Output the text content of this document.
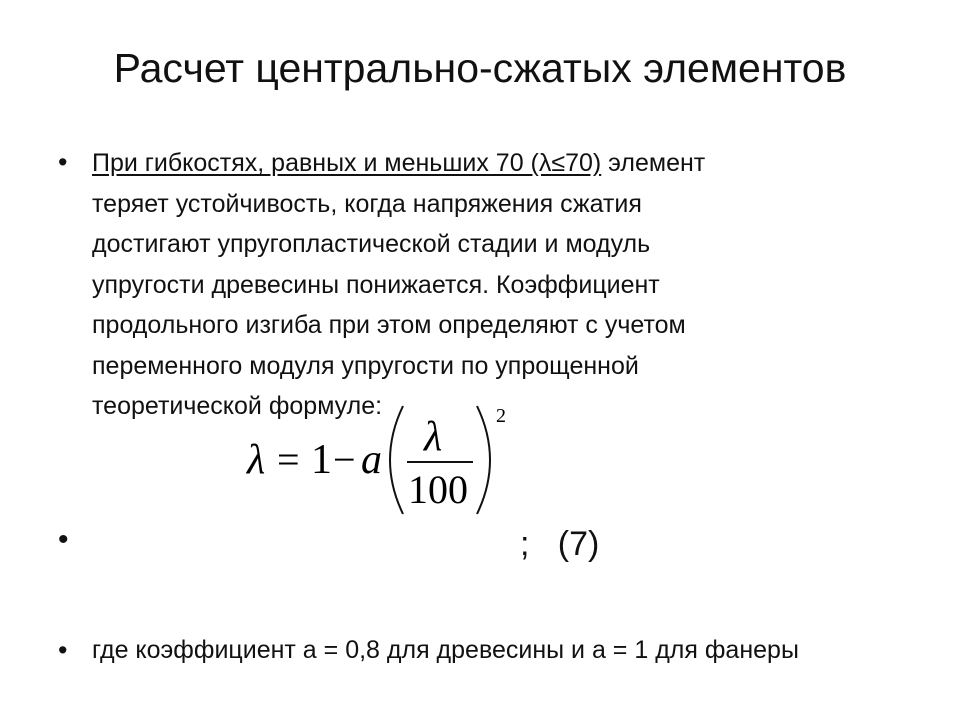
Расчет центрально-сжатых элементов
• При гибкостях, равных и меньших 70 (λ≤70) элемент
теряет устойчивость, когда напряжения сжатия
достигают упругопластической стадии и модуль
упругости древесины понижается. Коэффициент
продольного изгиба при этом определяют с учетом
переменного модуля упругости по упрощенной
теоретической формуле:

λ = 1 − a λ
100
2
•	;   (7)
• где коэффициент а = 0,8 для древесины и а = 1 для фанеры
